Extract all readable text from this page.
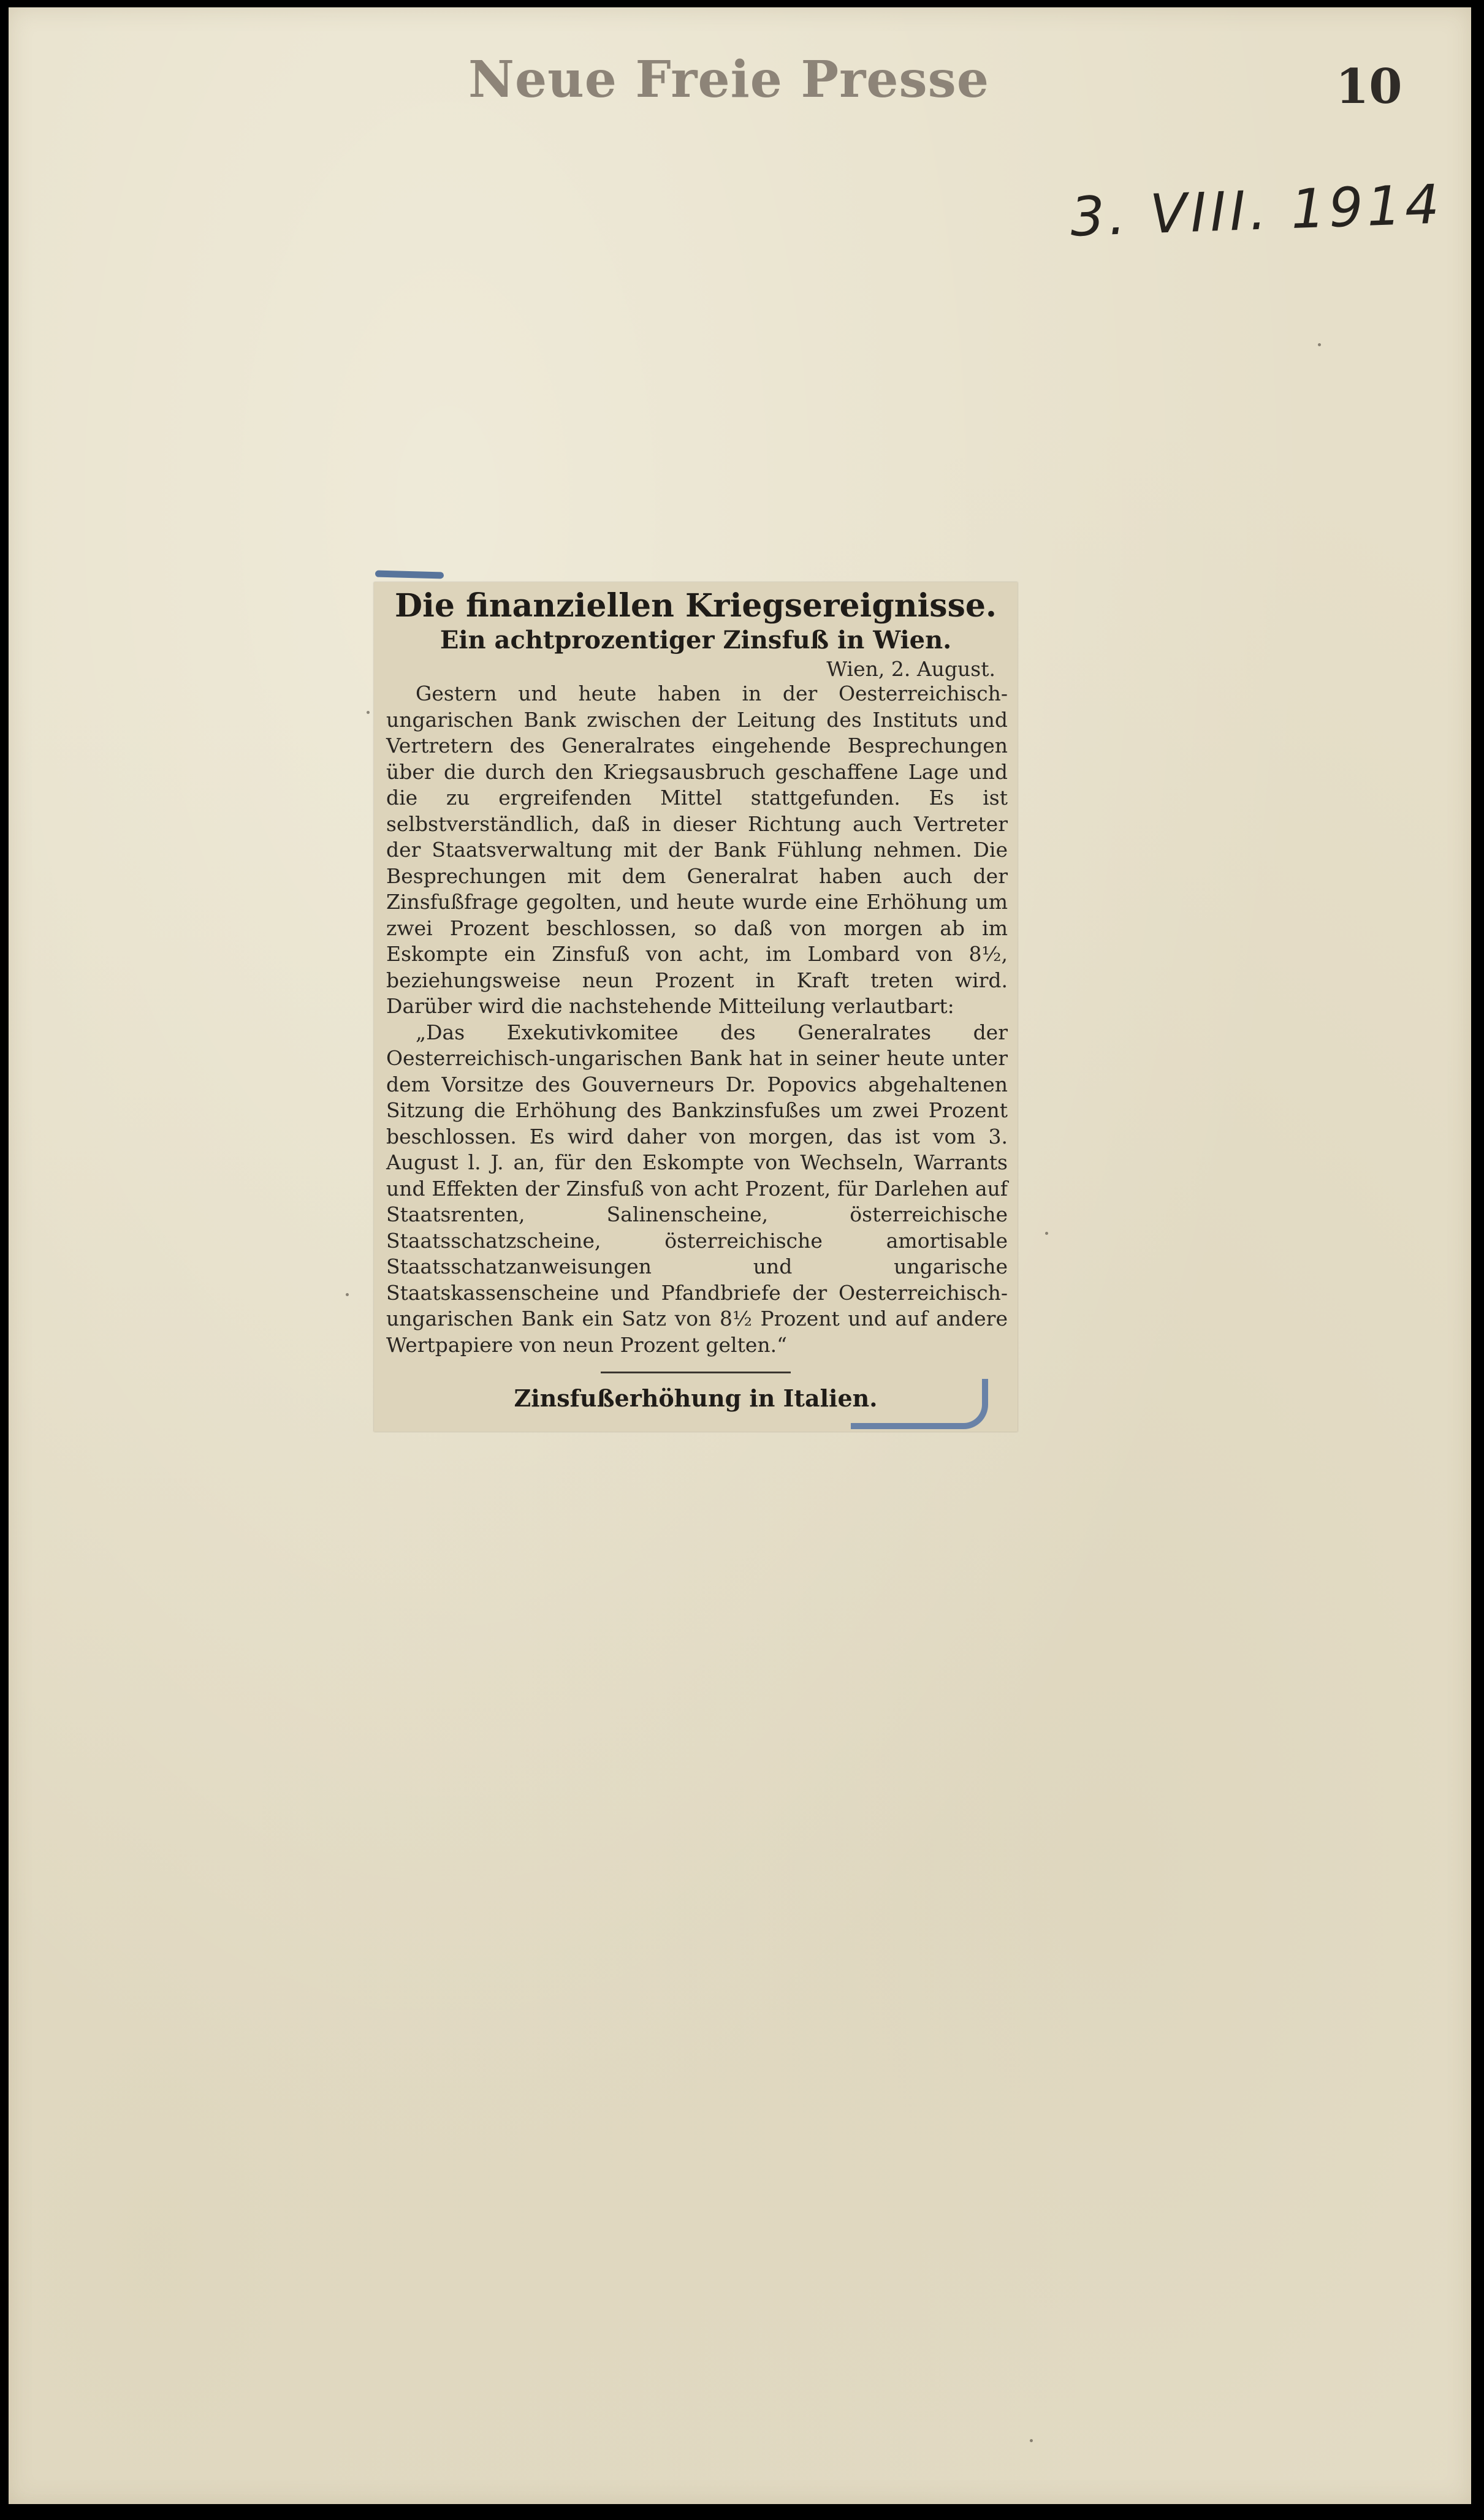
Neue Freie Presse	10
3. VIII. 1914
Die finanziellen Kriegsereignisse.
Ein achtprozentiger Zinsfuß in Wien.
Wien, 2. August.

Gestern und heute haben in der Oesterreichisch-ungarischen Bank zwischen der Leitung des Instituts und Vertretern des Generalrates eingehende Besprechungen über die durch den Kriegsausbruch geschaffene Lage und die zu ergreifenden Mittel stattgefunden. Es ist selbstverständlich, daß in dieser Richtung auch Vertreter der Staatsverwaltung mit der Bank Fühlung nehmen. Die Besprechungen mit dem Generalrat haben auch der Zinsfußfrage gegolten, und heute wurde eine Erhöhung um zwei Prozent beschlossen, so daß von morgen ab im Eskompte ein Zinsfuß von acht, im Lombard von 8½, beziehungsweise neun Prozent in Kraft treten wird. Darüber wird die nachstehende Mitteilung verlautbart:

„Das Exekutivkomitee des Generalrates der Oesterreichisch-ungarischen Bank hat in seiner heute unter dem Vorsitze des Gouverneurs Dr. Popovics abgehaltenen Sitzung die Erhöhung des Bankzinsfußes um zwei Prozent beschlossen. Es wird daher von morgen, das ist vom 3. August l. J. an, für den Eskompte von Wechseln, Warrants und Effekten der Zinsfuß von acht Prozent, für Darlehen auf Staatsrenten, Salinenscheine, österreichische Staatsschatzscheine, österreichische amortisable Staatsschatzanweisungen und ungarische Staatskassenscheine und Pfandbriefe der Oesterreichisch-ungarischen Bank ein Satz von 8½ Prozent und auf andere Wertpapiere von neun Prozent gelten.“

Zinsfußerhöhung in Italien.
